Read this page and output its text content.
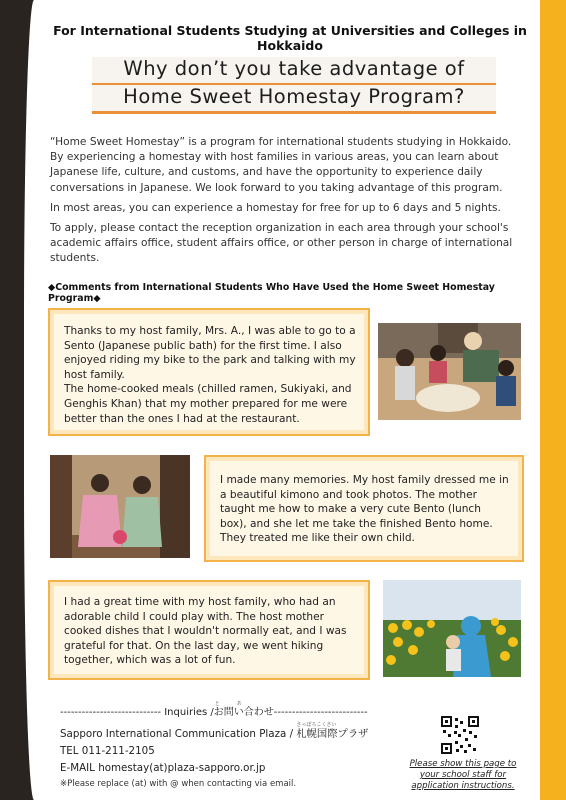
For International Students Studying at Universities and Colleges in Hokkaido
Why don’t you take advantage of
Home Sweet Homestay Program?

“Home Sweet Homestay” is a program for international students studying in Hokkaido. By experiencing a homestay with host families in various areas, you can learn about Japanese life, culture, and customs, and have the opportunity to experience daily conversations in Japanese. We look forward to you taking advantage of this program.

In most areas, you can experience a homestay for free for up to 6 days and 5 nights.

To apply, please contact the reception organization in each area through your school's academic affairs office, student affairs office, or other person in charge of international students.

◆Comments from International Students Who Have Used the Home Sweet Homestay Program◆
Thanks to my host family, Mrs. A., I was able to go to a Sento (Japanese public bath) for the first time. I also enjoyed riding my bike to the park and talking with my host family.
The home-cooked meals (chilled ramen, Sukiyaki, and Genghis Khan) that my mother prepared for me were better than the ones I had at the restaurant.
I made many memories. My host family dressed me in a beautiful kimono and took photos. The mother taught me how to make a very cute Bento (lunch box), and she let me take the finished Bento home. They treated me like their own child.
I had a great time with my host family, who had an adorable child I could play with. The host mother cooked dishes that I wouldn't normally eat, and I was grateful for that. On the last day, we went hiking together, which was a lot of fun.
---------------------------- Inquiries /
と	あ
お問い合わせ--------------------------
Sapporo International Communication Plaza /
さっぽろこくさい
札幌国際プラザ
TEL 011-211-2105
E-MAIL homestay(at)plaza-sapporo.or.jp
※Please replace (at) with @ when contacting via email.
Please show this page to your school staff for application instructions.
